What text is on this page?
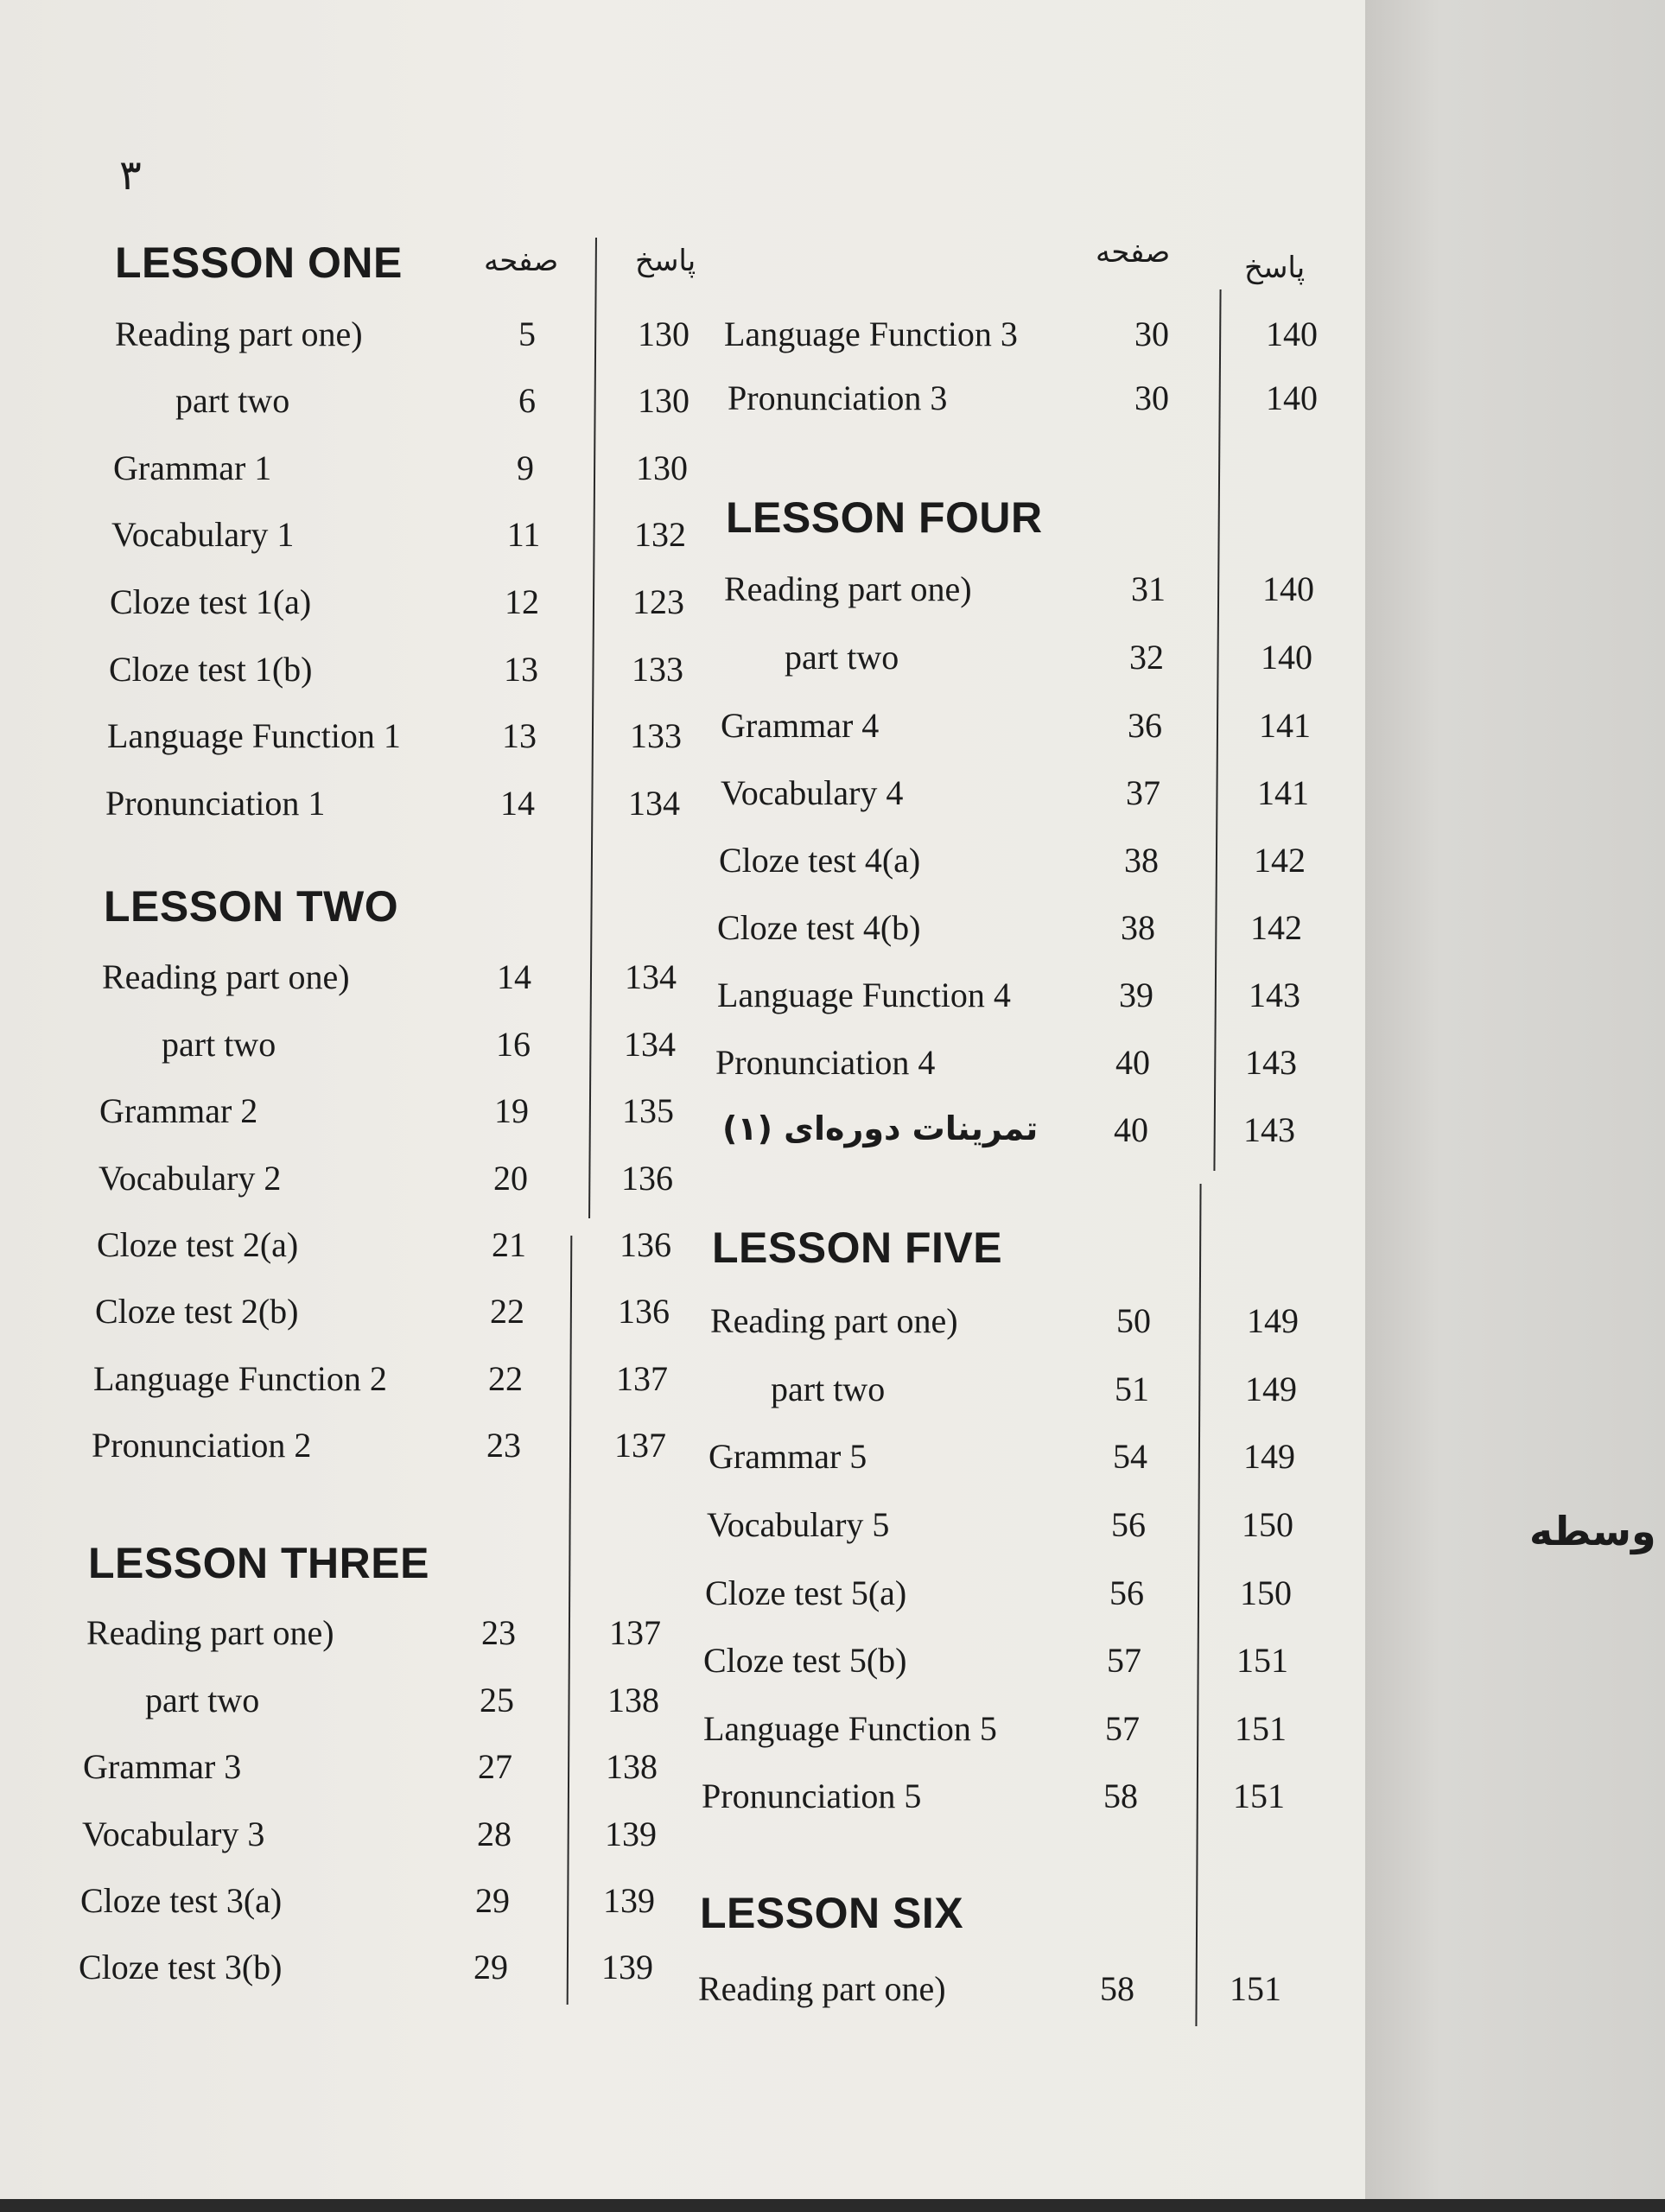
٣
صفحه	پاسخ	صفحه	پاسخ
LESSON ONE
Reading part one)	5	130
part two	6	130
Grammar 1	9	130
Vocabulary 1	11	132
Cloze test 1(a)	12	123
Cloze test 1(b)	13	133
Language Function 1	13	133
Pronunciation 1	14	134
LESSON TWO
Reading part one)	14	134
part two	16	134
Grammar 2	19	135
Vocabulary 2	20	136
Cloze test 2(a)	21	136
Cloze test 2(b)	22	136
Language Function 2	22	137
Pronunciation 2	23	137
LESSON THREE
Reading part one)	23	137
part two	25	138
Grammar 3	27	138
Vocabulary 3	28	139
Cloze test 3(a)	29	139
Cloze test 3(b)	29	139
Language Function 3	30	140
Pronunciation 3	30	140
LESSON FOUR
Reading part one)	31	140
part two	32	140
Grammar 4	36	141
Vocabulary 4	37	141
Cloze test 4(a)	38	142
Cloze test 4(b)	38	142
Language Function 4	39	143
Pronunciation 4	40	143
تمرینات دوره‌ای (۱)	40	143
LESSON FIVE
Reading part one)	50	149
part two	51	149
Grammar 5	54	149
Vocabulary 5	56	150
Cloze test 5(a)	56	150
Cloze test 5(b)	57	151
Language Function 5	57	151
Pronunciation 5	58	151
LESSON SIX
Reading part one)	58	151
وسطه
